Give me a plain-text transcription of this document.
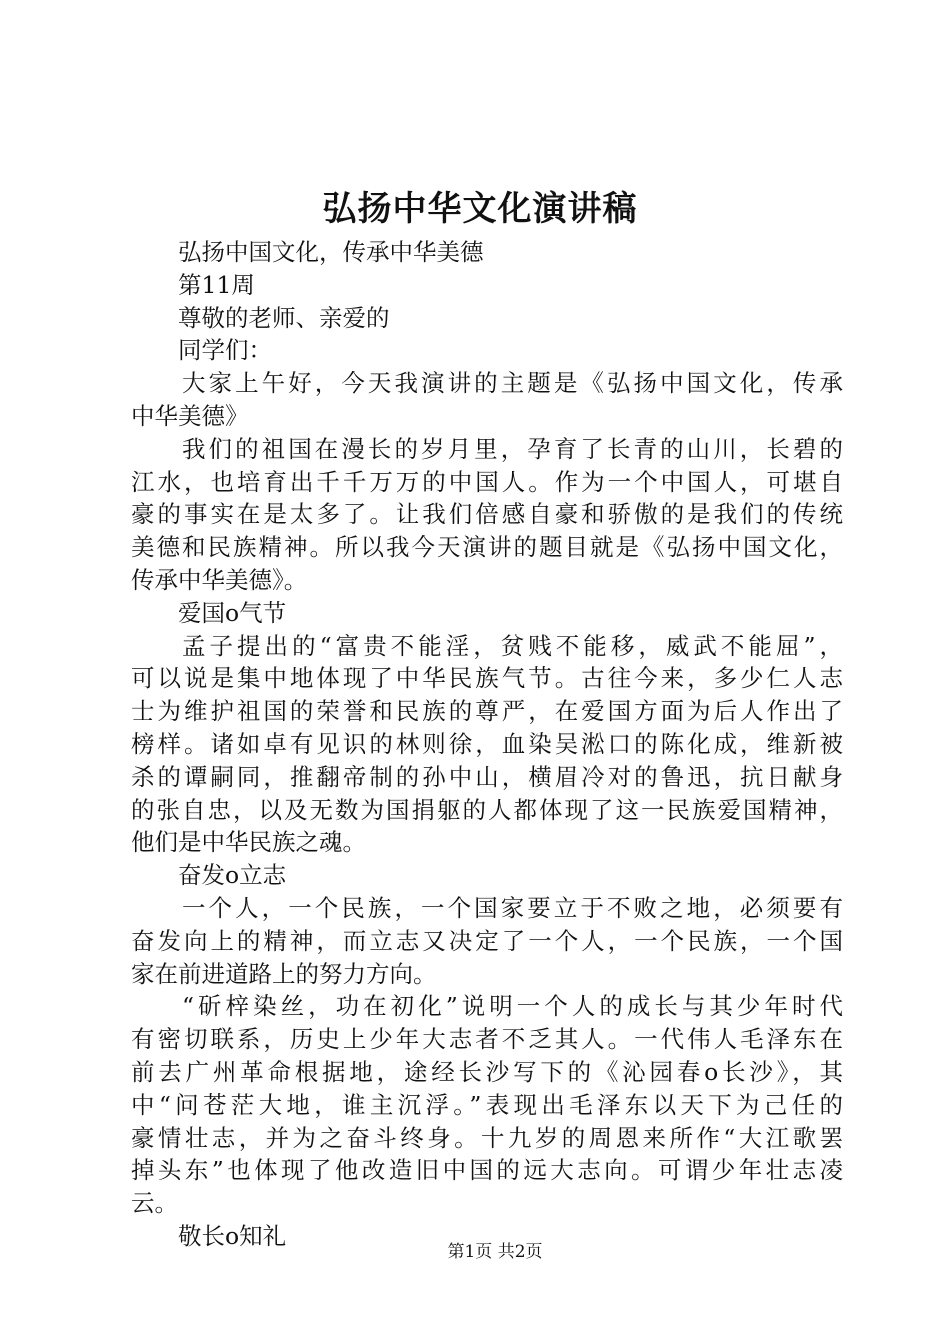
弘扬中华文化演讲稿
弘扬中国文化，传承中华美德
第11周
尊敬的老师、亲爱的
同学们：
大家上午好，今天我演讲的主题是《弘扬中国文化，传承
中华美德》
我们的祖国在漫长的岁月里，孕育了长青的山川，长碧的
江水，也培育出千千万万的中国人。作为一个中国人，可堪自
豪的事实在是太多了。让我们倍感自豪和骄傲的是我们的传统
美德和民族精神。所以我今天演讲的题目就是《弘扬中国文化，
传承中华美德》。
爱国o气节
孟子提出的“富贵不能淫，贫贱不能移，威武不能屈”，
可以说是集中地体现了中华民族气节。古往今来，多少仁人志
士为维护祖国的荣誉和民族的尊严，在爱国方面为后人作出了
榜样。诸如卓有见识的林则徐，血染吴淞口的陈化成，维新被
杀的谭嗣同，推翻帝制的孙中山，横眉冷对的鲁迅，抗日献身
的张自忠，以及无数为国捐躯的人都体现了这一民族爱国精神，
他们是中华民族之魂。
奋发o立志
一个人，一个民族，一个国家要立于不败之地，必须要有
奋发向上的精神，而立志又决定了一个人，一个民族，一个国
家在前进道路上的努力方向。
“斫梓染丝，功在初化”说明一个人的成长与其少年时代
有密切联系，历史上少年大志者不乏其人。一代伟人毛泽东在
前去广州革命根据地，途经长沙写下的《沁园春o长沙》，其
中“问苍茫大地，谁主沉浮。”表现出毛泽东以天下为己任的
豪情壮志，并为之奋斗终身。十九岁的周恩来所作“大江歌罢
掉头东”也体现了他改造旧中国的远大志向。可谓少年壮志凌
云。
敬长o知礼
第1页 共2页
